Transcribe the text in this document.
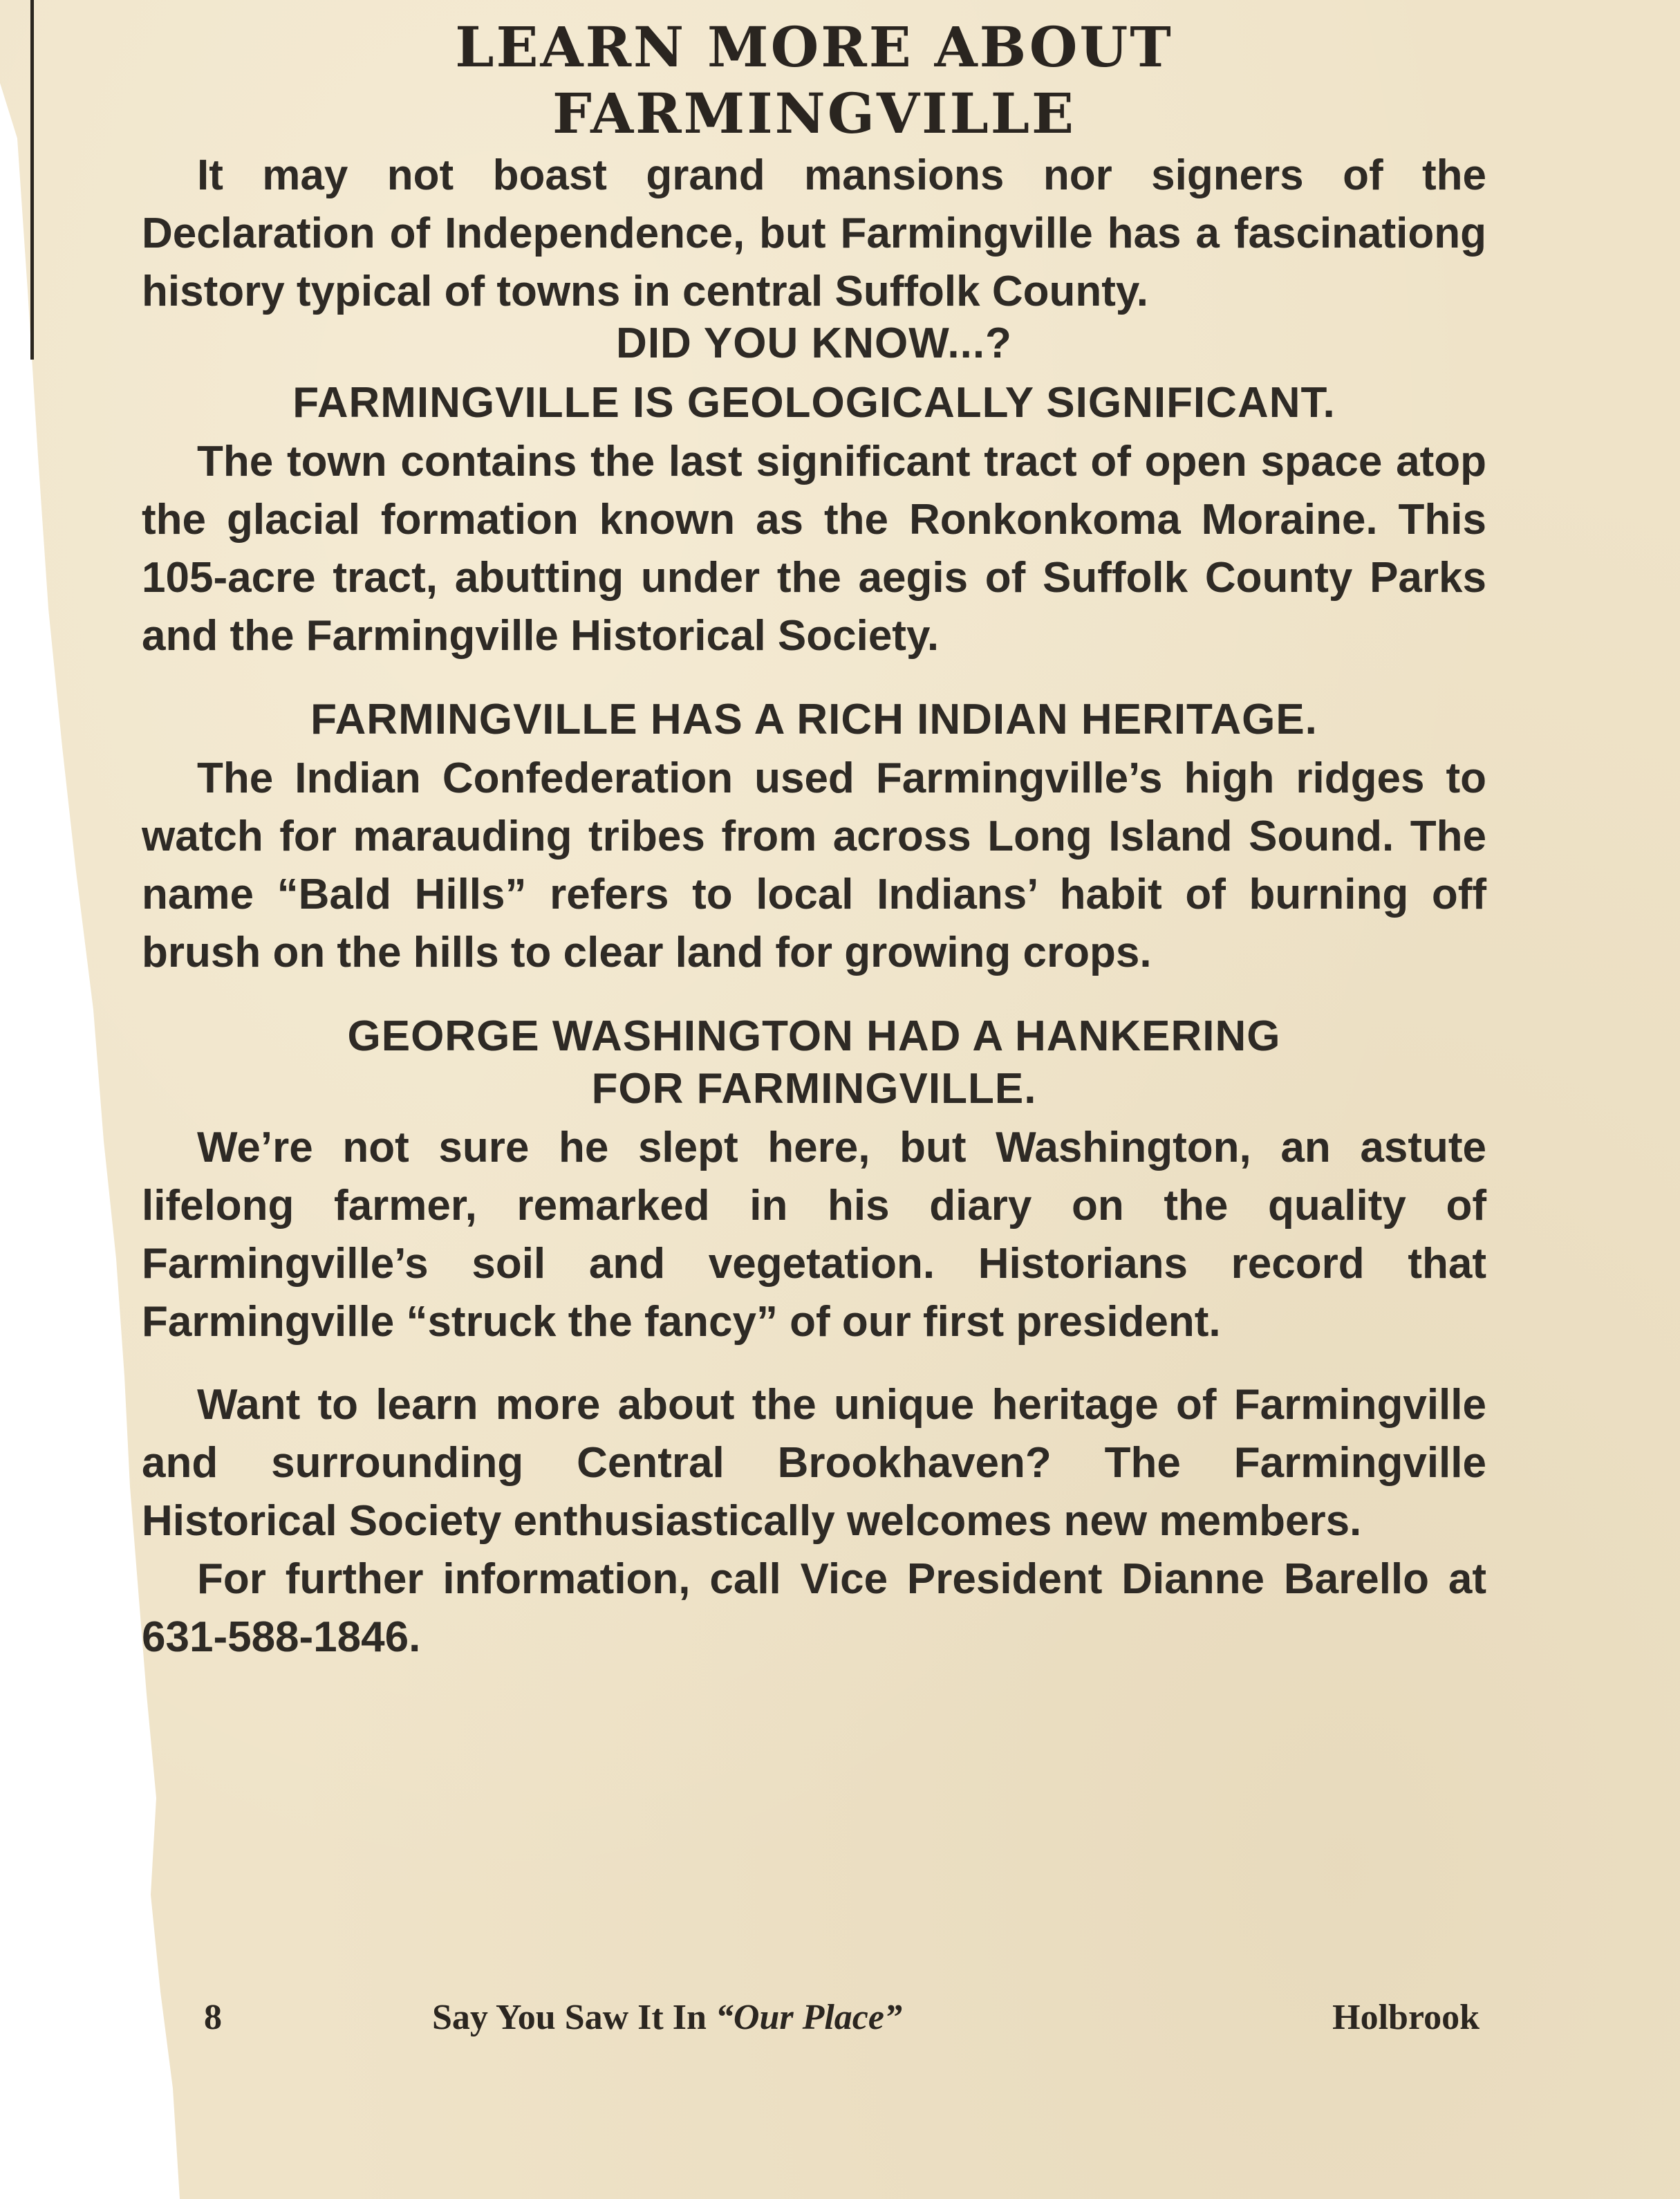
LEARN MORE ABOUT
FARMINGVILLE

It may not boast grand mansions nor signers of the Declaration of Independence, but Farmingville has a fascinationg history typical of towns in central Suffolk County.

DID YOU KNOW...?

FARMINGVILLE IS GEOLOGICALLY SIGNIFICANT.

The town contains the last significant tract of open space atop the glacial formation known as the Ronkonkoma Moraine. This 105-acre tract, abutting under the aegis of Suffolk County Parks and the Farmingville Historical Society.

FARMINGVILLE HAS A RICH INDIAN HERITAGE.

The Indian Confederation used Farmingville’s high ridges to watch for marauding tribes from across Long Island Sound. The name “Bald Hills” refers to local Indians’ habit of burning off brush on the hills to clear land for growing crops.

GEORGE WASHINGTON HAD A HANKERING

FOR FARMINGVILLE.

We’re not sure he slept here, but Washington, an astute lifelong farmer, remarked in his diary on the quality of Farmingville’s soil and vegetation. Historians record that Farmingville “struck the fancy” of our first president.

Want to learn more about the unique heritage of Farmingville and surrounding Central Brookhaven? The Farmingville Historical Society enthusiastically welcomes new members.

For further information, call Vice President Dianne Barello at 631-588-1846.

8	Say You Saw It In “Our Place”	Holbrook
